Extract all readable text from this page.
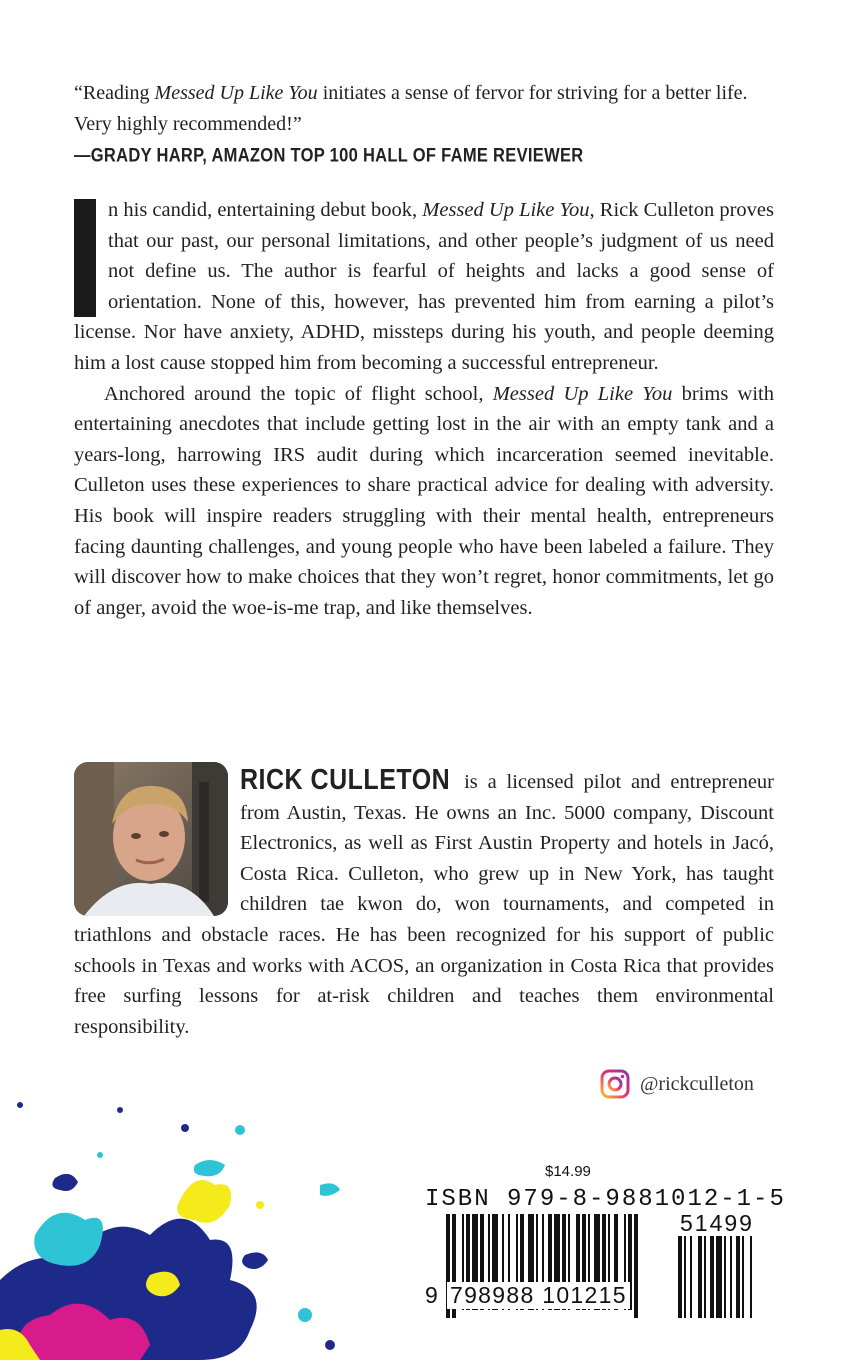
“Reading Messed Up Like You initiates a sense of fervor for striving for a better life. Very highly recommended!” —GRADY HARP, AMAZON TOP 100 HALL OF FAME REVIEWER

n his candid, entertaining debut book, Messed Up Like You, Rick Culleton proves that our past, our personal limitations, and other people’s judgment of us need not define us. The author is fearful of heights and lacks a good sense of orientation. None of this, however, has prevented him from earning a pilot’s license. Nor have anxiety, ADHD, missteps during his youth, and people deeming him a lost cause stopped him from becoming a successful entrepreneur.

Anchored around the topic of flight school, Messed Up Like You brims with entertaining anecdotes that include getting lost in the air with an empty tank and a years-long, harrowing IRS audit during which incarceration seemed inevitable. Culleton uses these experiences to share practical advice for dealing with adversity. His book will inspire readers struggling with their mental health, entrepreneurs facing daunting challenges, and young people who have been labeled a failure. They will discover how to make choices that they won’t regret, honor commitments, let go of anger, avoid the woe-is-me trap, and like themselves.

RICK CULLETON is a licensed pilot and entrepreneur from Austin, Texas. He owns an Inc. 5000 company, Discount Electronics, as well as First Austin Property and hotels in Jacó, Costa Rica. Culleton, who grew up in New York, has taught children tae kwon do, won tournaments, and competed in triathlons and obstacle races. He has been recognized for his support of public schools in Texas and works with ACOS, an organization in Costa Rica that provides free surfing lessons for at-risk children and teaches them environmental responsibility.
@rickculleton
$14.99
ISBN 979-8-9881012-1-5
51499
9 798988 101215
